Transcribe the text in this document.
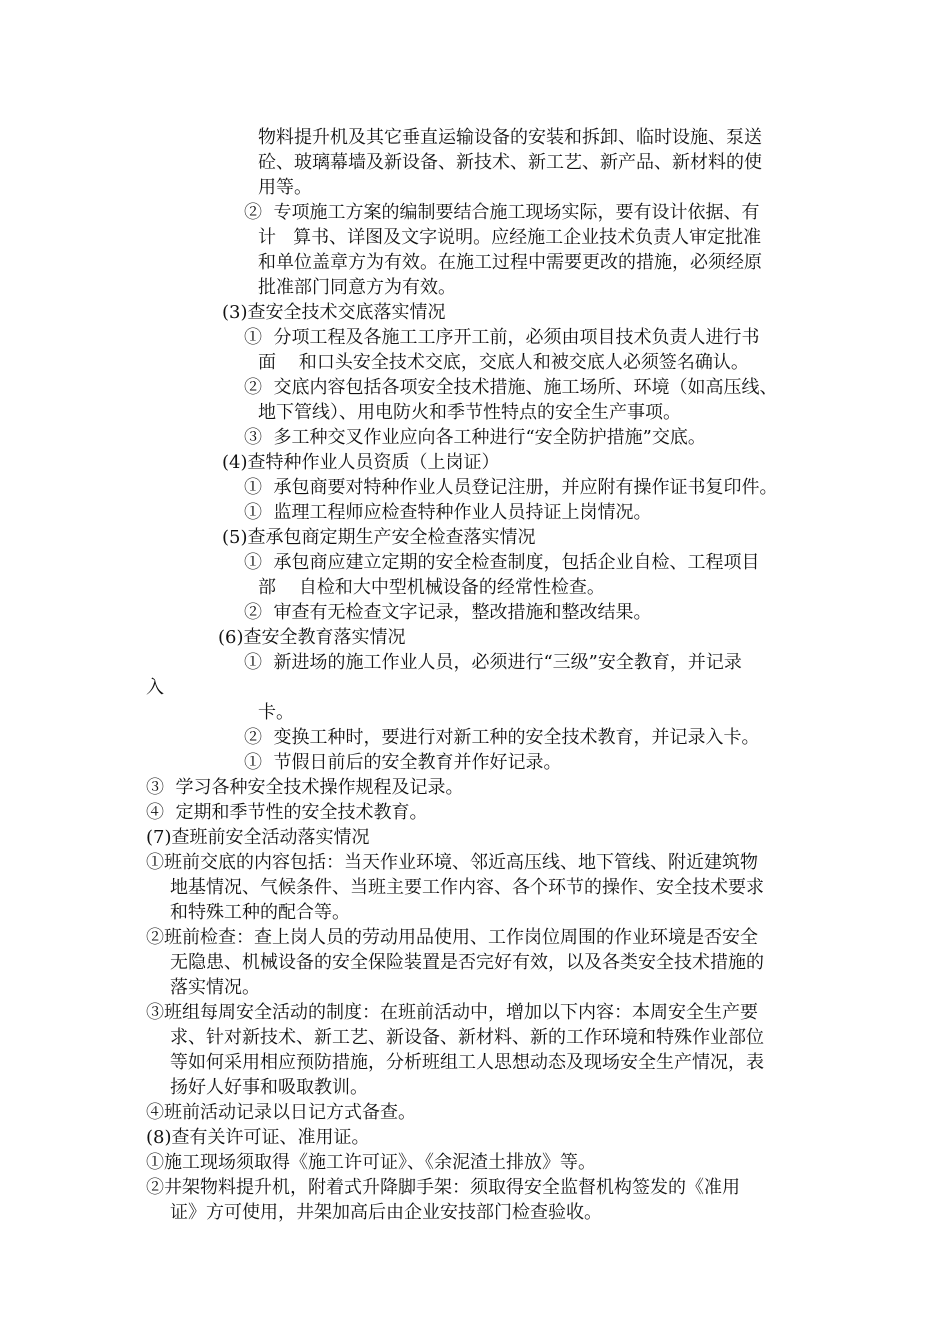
物料提升机及其它垂直运输设备的安装和拆卸、临时设施、泵送
砼、玻璃幕墙及新设备、新技术、新工艺、新产品、新材料的使
用等。
②  专项施工方案的编制要结合施工现场实际，要有设计依据、有
计   算书、详图及文字说明。应经施工企业技术负责人审定批准
和单位盖章方为有效。在施工过程中需要更改的措施，必须经原
批准部门同意方为有效。
(3)查安全技术交底落实情况
①  分项工程及各施工工序开工前，必须由项目技术负责人进行书
面    和口头安全技术交底，交底人和被交底人必须签名确认。
②  交底内容包括各项安全技术措施、施工场所、环境（如高压线、
地下管线）、用电防火和季节性特点的安全生产事项。
③  多工种交叉作业应向各工种进行“安全防护措施”交底。
(4)查特种作业人员资质（上岗证）
①  承包商要对特种作业人员登记注册，并应附有操作证书复印件。
①  监理工程师应检查特种作业人员持证上岗情况。
(5)查承包商定期生产安全检查落实情况
①  承包商应建立定期的安全检查制度，包括企业自检、工程项目
部    自检和大中型机械设备的经常性检查。
②  审查有无检查文字记录，整改措施和整改结果。
(6)查安全教育落实情况
①  新进场的施工作业人员，必须进行“三级”安全教育，并记录
入
卡。
②  变换工种时，要进行对新工种的安全技术教育，并记录入卡。
①  节假日前后的安全教育并作好记录。
③  学习各种安全技术操作规程及记录。
④  定期和季节性的安全技术教育。
(7)查班前安全活动落实情况
①班前交底的内容包括：当天作业环境、邻近高压线、地下管线、附近建筑物
地基情况、气候条件、当班主要工作内容、各个环节的操作、安全技术要求
和特殊工种的配合等。
②班前检查：查上岗人员的劳动用品使用、工作岗位周围的作业环境是否安全
无隐患、机械设备的安全保险装置是否完好有效，以及各类安全技术措施的
落实情况。
③班组每周安全活动的制度：在班前活动中，增加以下内容：本周安全生产要
求、针对新技术、新工艺、新设备、新材料、新的工作环境和特殊作业部位
等如何采用相应预防措施，分析班组工人思想动态及现场安全生产情况，表
扬好人好事和吸取教训。
④班前活动记录以日记方式备查。
(8)查有关许可证、准用证。
①施工现场须取得《施工许可证》、《余泥渣土排放》等。
②井架物料提升机，附着式升降脚手架：须取得安全监督机构签发的《准用
证》方可使用，井架加高后由企业安技部门检查验收。
